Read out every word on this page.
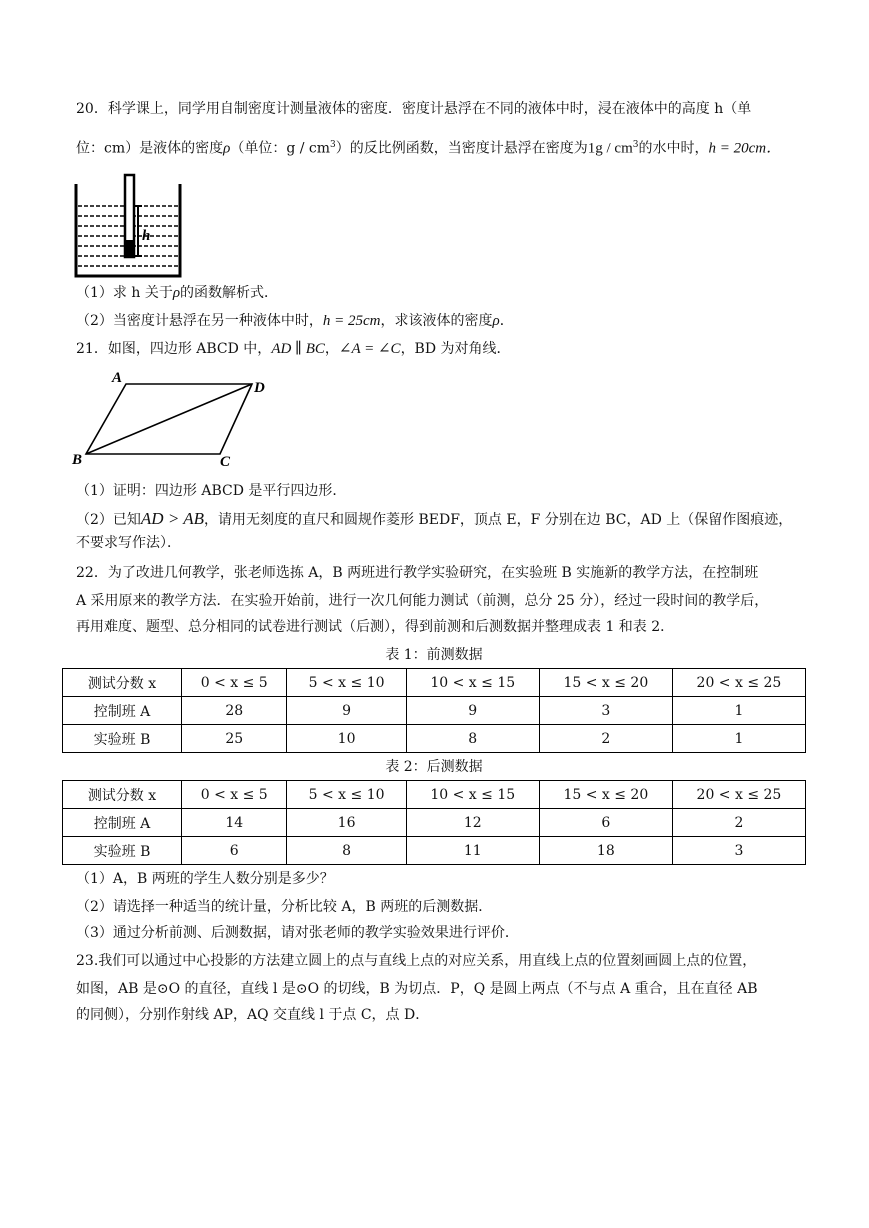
20．科学课上，同学用自制密度计测量液体的密度．密度计悬浮在不同的液体中时，浸在液体中的高度 h（单
位：cm）是液体的密度ρ（单位：g / $cm^3$）的反比例函数，当密度计悬浮在密度为$1g / cm^3$的水中时，h = 20cm．
h
（1）求 h 关于ρ的函数解析式．
（2）当密度计悬浮在另一种液体中时，h = 25cm，求该液体的密度ρ．
21．如图，四边形 ABCD 中，AD ∥ BC，∠A = ∠C，BD 为对角线．
A
D
B	C
（1）证明：四边形 ABCD 是平行四边形．
（2）已知AD > AB，请用无刻度的直尺和圆规作菱形 BEDF，顶点 E，F 分别在边 BC，AD 上（保留作图痕迹，
不要求写作法）．
22．为了改进几何教学，张老师选拣 A，B 两班进行教学实验研究，在实验班 B 实施新的教学方法，在控制班
A 采用原来的教学方法．在实验开始前，进行一次几何能力测试（前测，总分 25 分），经过一段时间的教学后，
再用难度、题型、总分相同的试卷进行测试（后测），得到前测和后测数据并整理成表 1 和表 2．
表 1：前测数据
测试分数 x	0 < x ≤ 5	5 < x ≤ 10	10 < x ≤ 15	15 < x ≤ 20	20 < x ≤ 25
控制班 A	28	9	9	3	1
实验班 B	25	10	8	2	1
表 2：后测数据
测试分数 x	0 < x ≤ 5	5 < x ≤ 10	10 < x ≤ 15	15 < x ≤ 20	20 < x ≤ 25
控制班 A	14	16	12	6	2
实验班 B	6	8	11	18	3
（1）A，B 两班的学生人数分别是多少？
（2）请选择一种适当的统计量，分析比较 A，B 两班的后测数据．
（3）通过分析前测、后测数据，请对张老师的教学实验效果进行评价．
23.我们可以通过中心投影的方法建立圆上的点与直线上点的对应关系，用直线上点的位置刻画圆上点的位置，
如图，AB 是⊙O 的直径，直线 l 是⊙O 的切线，B 为切点．P，Q 是圆上两点（不与点 A 重合，且在直径 AB
的同侧），分别作射线 AP，AQ 交直线 l 于点 C，点 D．
